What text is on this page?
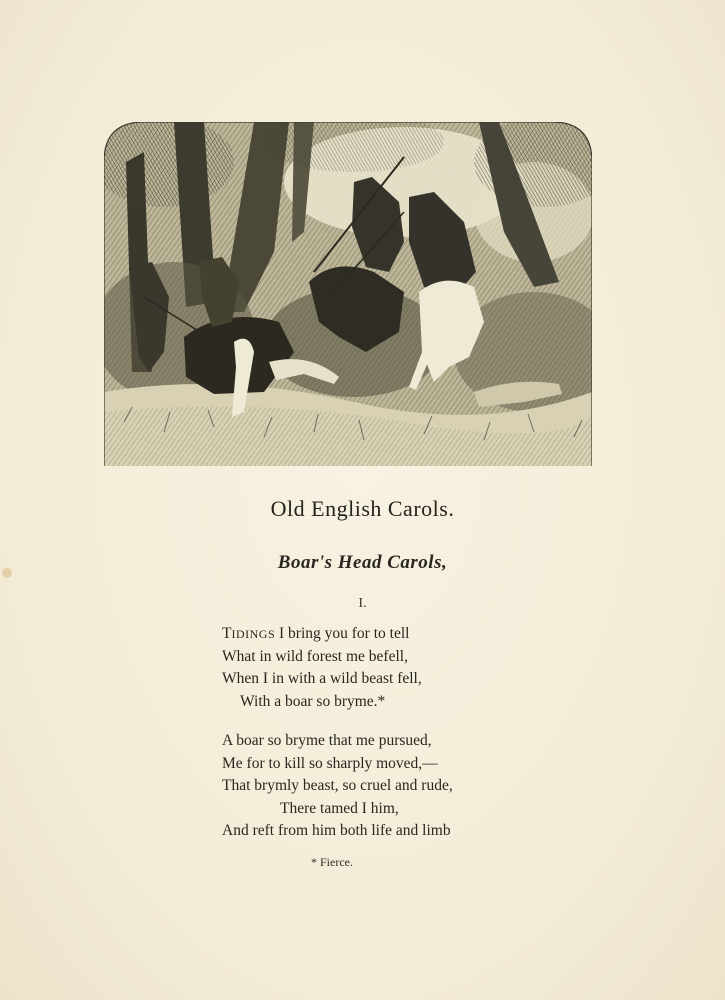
Old English Carols.
Boar's Head Carols,
I.
TIDINGS I bring you for to tell
What in wild forest me befell,
When I in with a wild beast fell,
With a boar so bryme.*
A boar so bryme that me pursued,
Me for to kill so sharply moved,—
That brymly beast, so cruel and rude,
There tamed I him,
And reft from him both life and limb
* Fierce.
